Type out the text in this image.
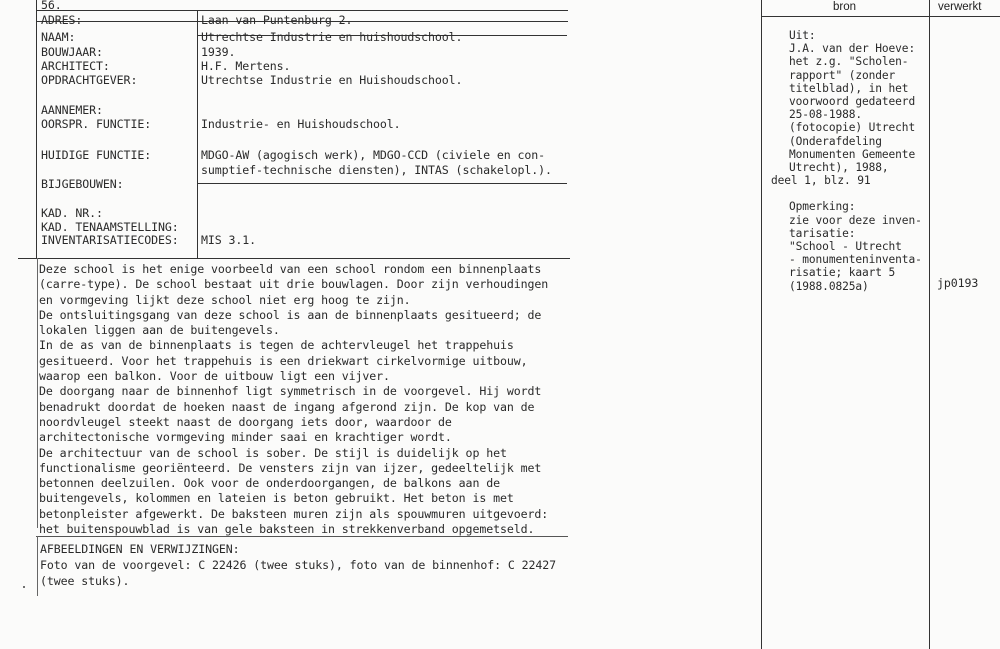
56.
ADRES:
NAAM:
BOUWJAAR:
ARCHITECT:
OPDRACHTGEVER:
AANNEMER:
OORSPR. FUNCTIE:
HUIDIGE FUNCTIE:
BIJGEBOUWEN:
KAD. NR.:
KAD. TENAAMSTELLING:
INVENTARISATIECODES:
Laan van Puntenburg 2.
Utrechtse Industrie en huishoudschool.
1939.
H.F. Mertens.
Utrechtse Industrie en Huishoudschool.
Industrie- en Huishoudschool.
MDGO-AW (agogisch werk), MDGO-CCD (civiele en con-
sumptief-technische diensten), INTAS (schakelopl.).
MIS 3.1.
Deze school is het enige voorbeeld van een school rondom een binnenplaats
(carre-type). De school bestaat uit drie bouwlagen. Door zijn verhoudingen
en vormgeving lijkt deze school niet erg hoog te zijn.
De ontsluitingsgang van deze school is aan de binnenplaats gesitueerd; de
lokalen liggen aan de buitengevels.
In de as van de binnenplaats is tegen de achtervleugel het trappehuis
gesitueerd. Voor het trappehuis is een driekwart cirkelvormige uitbouw,
waarop een balkon. Voor de uitbouw ligt een vijver.
De doorgang naar de binnenhof ligt symmetrisch in de voorgevel. Hij wordt
benadrukt doordat de hoeken naast de ingang afgerond zijn. De kop van de
noordvleugel steekt naast de doorgang iets door, waardoor de
architectonische vormgeving minder saai en krachtiger wordt.
De architectuur van de school is sober. De stijl is duidelijk op het
functionalisme georiënteerd. De vensters zijn van ijzer, gedeeltelijk met
betonnen deelzuilen. Ook voor de onderdoorgangen, de balkons aan de
buitengevels, kolommen en lateien is beton gebruikt. Het beton is met
betonpleister afgewerkt. De baksteen muren zijn als spouwmuren uitgevoerd:
het buitenspouwblad is van gele baksteen in strekkenverband opgemetseld.
AFBEELDINGEN EN VERWIJZINGEN:
Foto van de voorgevel: C 22426 (twee stuks), foto van de binnenhof: C 22427
(twee stuks).
bron	verwerkt
Uit:
J.A. van der Hoeve:
het z.g. "Scholen-
rapport" (zonder
titelblad), in het
voorwoord gedateerd
25-08-1988.
(fotocopie) Utrecht
(Onderafdeling
Monumenten Gemeente
Utrecht), 1988,
deel 1, blz. 91
Opmerking:
zie voor deze inven-
tarisatie:
"School - Utrecht
- monumenteninventa-
risatie; kaart 5
(1988.0825a)	jp0193
